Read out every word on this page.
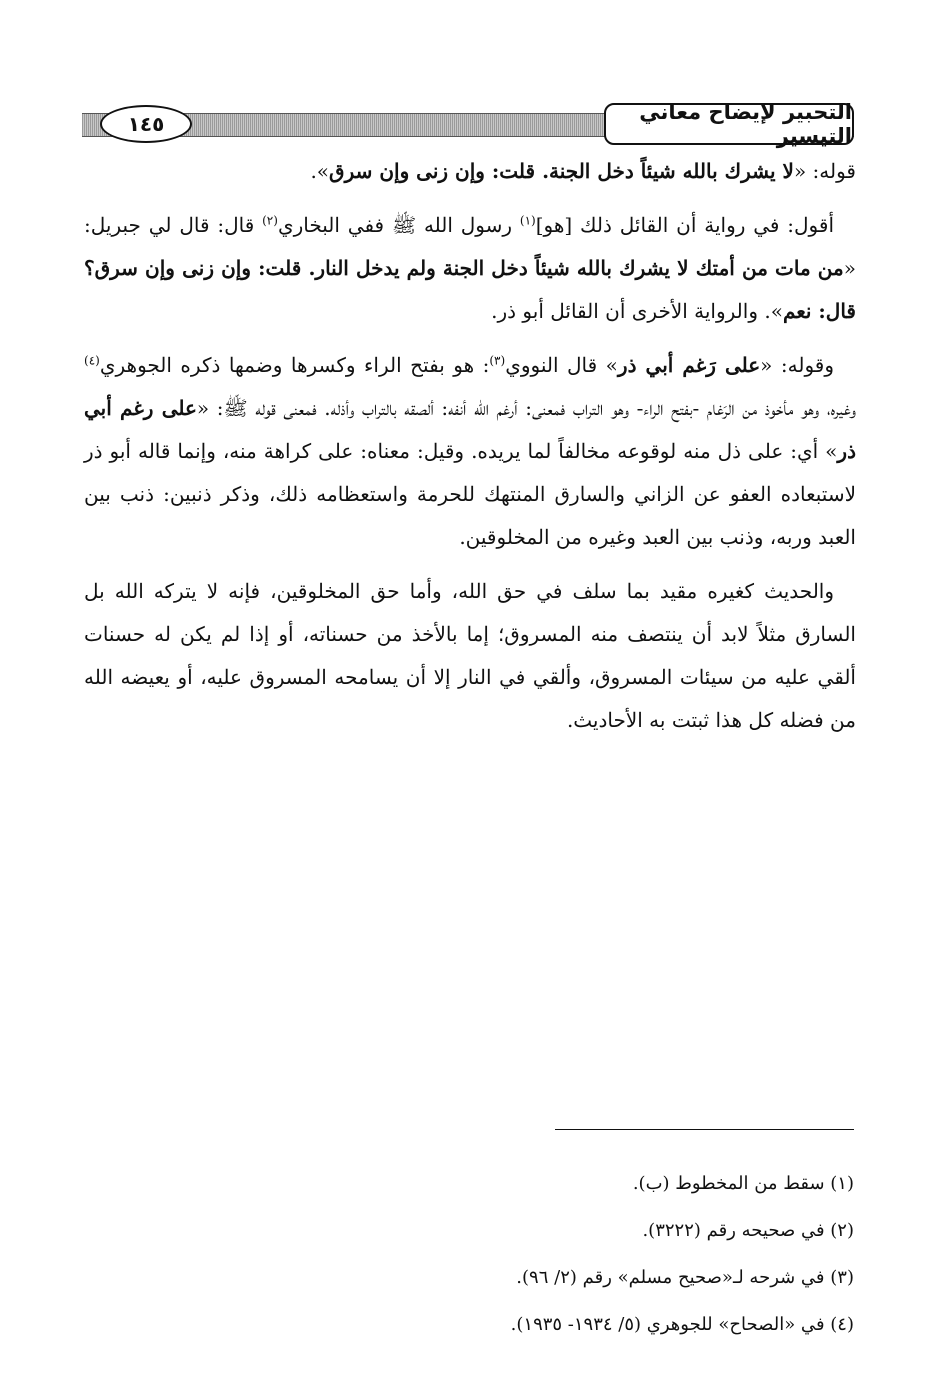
التحبير لإيضاح معاني التيسير
١٤٥

قوله: «لا يشرك بالله شيئاً دخل الجنة. قلت: وإن زنى وإن سرق».

أقول: في رواية أن القائل ذلك [هو]$^{(١)}$ رسول الله ﷺ ففي البخاري$^{(٢)}$ قال: قال لي جبريل: «من مات من أمتك لا يشرك بالله شيئاً دخل الجنة ولم يدخل النار. قلت: وإن زنى وإن سرق؟ قال: نعم». والرواية الأخرى أن القائل أبو ذر.

وقوله: «على رَغم أبي ذر» قال النووي$^{(٣)}$: هو بفتح الراء وكسرها وضمها ذكره الجوهري$^{(٤)}$ وغيره، وهو مأخوذ من الرَغام -بفتح الراء- وهو التراب فمعنى: أرغم الله أنفه: ألصقه بالتراب وأذله. فمعنى قوله ﷺ: «على رغم أبي ذر» أي: على ذل منه لوقوعه مخالفاً لما يريده. وقيل: معناه: على كراهة منه، وإنما قاله أبو ذر لاستبعاده العفو عن الزاني والسارق المنتهك للحرمة واستعظامه ذلك، وذكر ذنبين: ذنب بين العبد وربه، وذنب بين العبد وغيره من المخلوقين.

والحديث كغيره مقيد بما سلف في حق الله، وأما حق المخلوقين، فإنه لا يتركه الله بل السارق مثلاً لابد أن ينتصف منه المسروق؛ إما بالأخذ من حسناته، أو إذا لم يكن له حسنات ألقي عليه من سيئات المسروق، وألقي في النار إلا أن يسامحه المسروق عليه، أو يعيضه الله من فضله كل هذا ثبتت به الأحاديث.

(١) سقط من المخطوط (ب).
(٢) في صحيحه رقم (٣٢٢٢).
(٣) في شرحه لـ«صحيح مسلم» رقم (٢/ ٩٦).
(٤) في «الصحاح» للجوهري (٥/ ١٩٣٤- ١٩٣٥).
